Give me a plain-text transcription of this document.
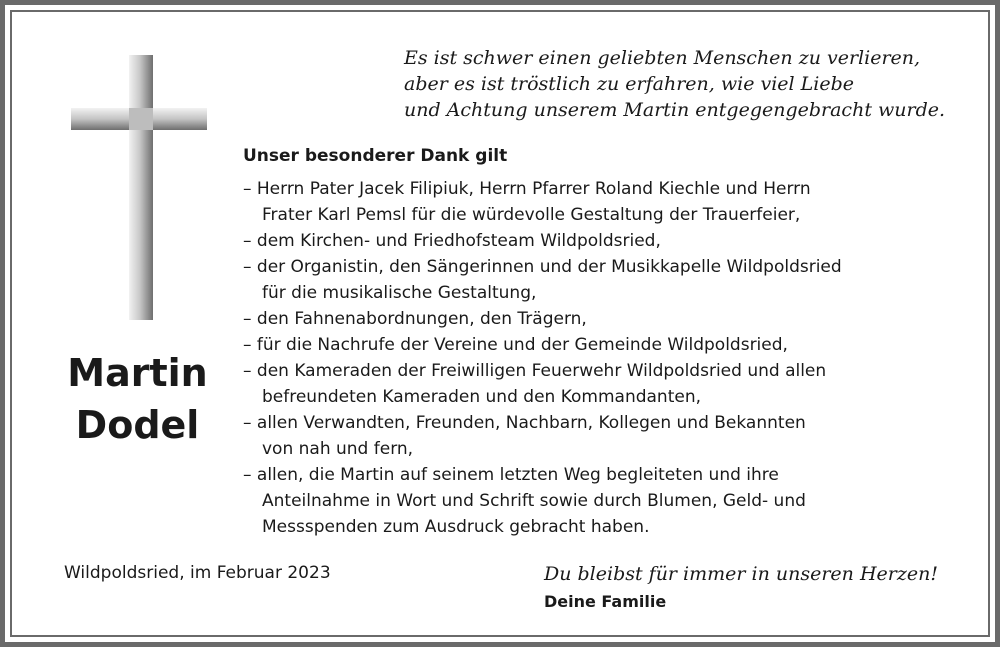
Martin
Dodel
Es ist schwer einen geliebten Menschen zu verlieren,
aber es ist tröstlich zu erfahren, wie viel Liebe
und Achtung unserem Martin entgegengebracht wurde.
Unser besonderer Dank gilt
– Herrn Pater Jacek Filipiuk, Herrn Pfarrer Roland Kiechle und Herrn
Frater Karl Pemsl für die würdevolle Gestaltung der Trauerfeier,
– dem Kirchen- und Friedhofsteam Wildpoldsried,
– der Organistin, den Sängerinnen und der Musikkapelle Wildpoldsried
für die musikalische Gestaltung,
– den Fahnenabordnungen, den Trägern,
– für die Nachrufe der Vereine und der Gemeinde Wildpoldsried,
– den Kameraden der Freiwilligen Feuerwehr Wildpoldsried und allen
befreundeten Kameraden und den Kommandanten,
– allen Verwandten, Freunden, Nachbarn, Kollegen und Bekannten
von nah und fern,
– allen, die Martin auf seinem letzten Weg begleiteten und ihre
Anteilnahme in Wort und Schrift sowie durch Blumen, Geld- und
Messspenden zum Ausdruck gebracht haben.
Wildpoldsried, im Februar 2023	Du bleibst für immer in unseren Herzen!
Deine Familie
